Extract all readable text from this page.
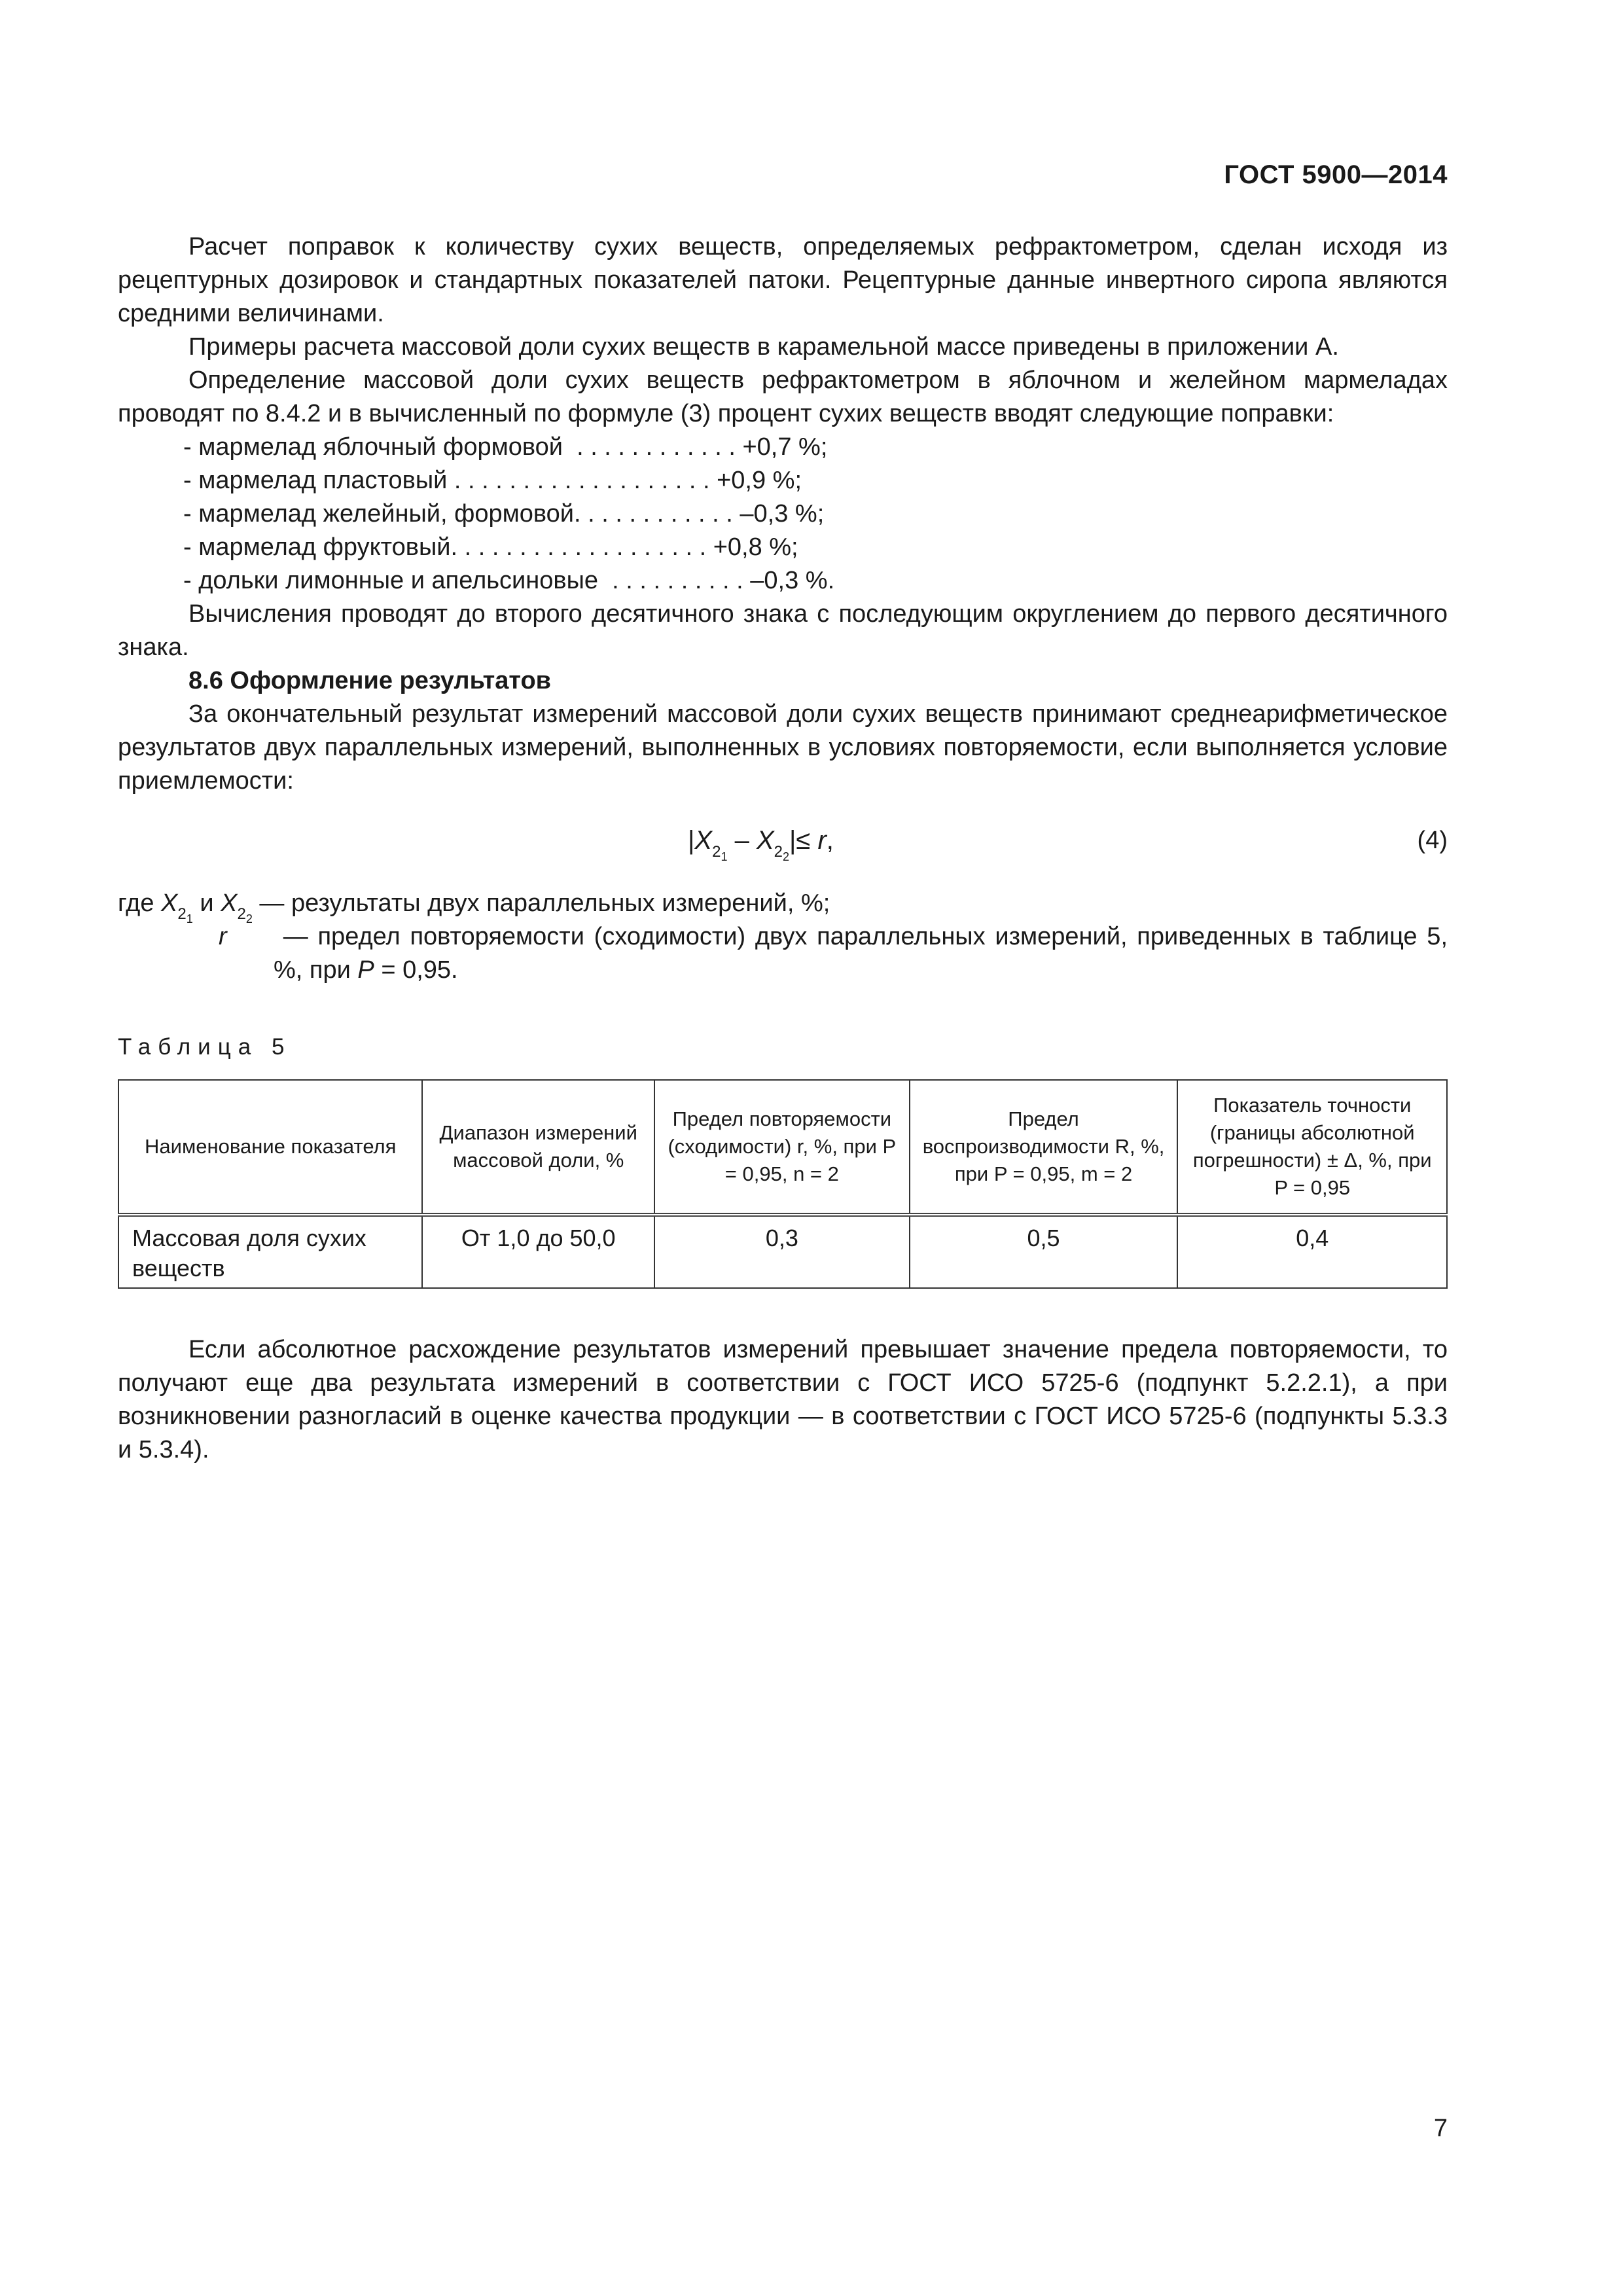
ГОСТ 5900—2014

Расчет поправок к количеству сухих веществ, определяемых рефрактометром, сделан исходя из рецептурных дозировок и стандартных показателей патоки. Рецептурные данные инвертного сиропа являются средними величинами.

Примеры расчета массовой доли сухих веществ в карамельной массе приведены в приложении А.

Определение массовой доли сухих веществ рефрактометром в яблочном и желейном мармеладах проводят по 8.4.2 и в вычисленный по формуле (3) процент сухих веществ вводят следующие поправки:

- мармелад яблочный формовой  . . . . . . . . . . . . +0,7 %;
- мармелад пластовый . . . . . . . . . . . . . . . . . . . +0,9 %;
- мармелад желейный, формовой. . . . . . . . . . . . –0,3 %;
- мармелад фруктовый. . . . . . . . . . . . . . . . . . . +0,8 %;
- дольки лимонные и апельсиновые  . . . . . . . . . . –0,3 %.

Вычисления проводят до второго десятичного знака с последующим округлением до первого десятичного знака.

8.6 Оформление результатов

За окончательный результат измерений массовой доли сухих веществ принимают среднеарифметическое результатов двух параллельных измерений, выполненных в условиях повторяемости, если выполняется условие приемлемости:

$|X_{2_1} - X_{2_2}|\le r$,	(4)
где $X_{2_1}$ и $X_{2_2}$ — результаты двух параллельных измерений, %;
r — предел повторяемости (сходимости) двух параллельных измерений, приведенных в таблице 5, %, при P = 0,95.
Таблица 5
Наименование показателя	Диапазон измерений массовой доли, %	Предел повторяемости (сходимости) r, %, при P = 0,95, n = 2	Предел воспроизводимости R, %, при P = 0,95, m = 2	Показатель точности (границы абсолютной погрешности) ± Δ, %, при P = 0,95
Массовая доля сухих веществ	От 1,0 до 50,0	0,3	0,5	0,4

Если абсолютное расхождение результатов измерений превышает значение предела повторяемости, то получают еще два результата измерений в соответствии с ГОСТ ИСО 5725-6 (подпункт 5.2.2.1), а при возникновении разногласий в оценке качества продукции — в соответствии с ГОСТ ИСО 5725-6 (подпункты 5.3.3 и 5.3.4).

7
